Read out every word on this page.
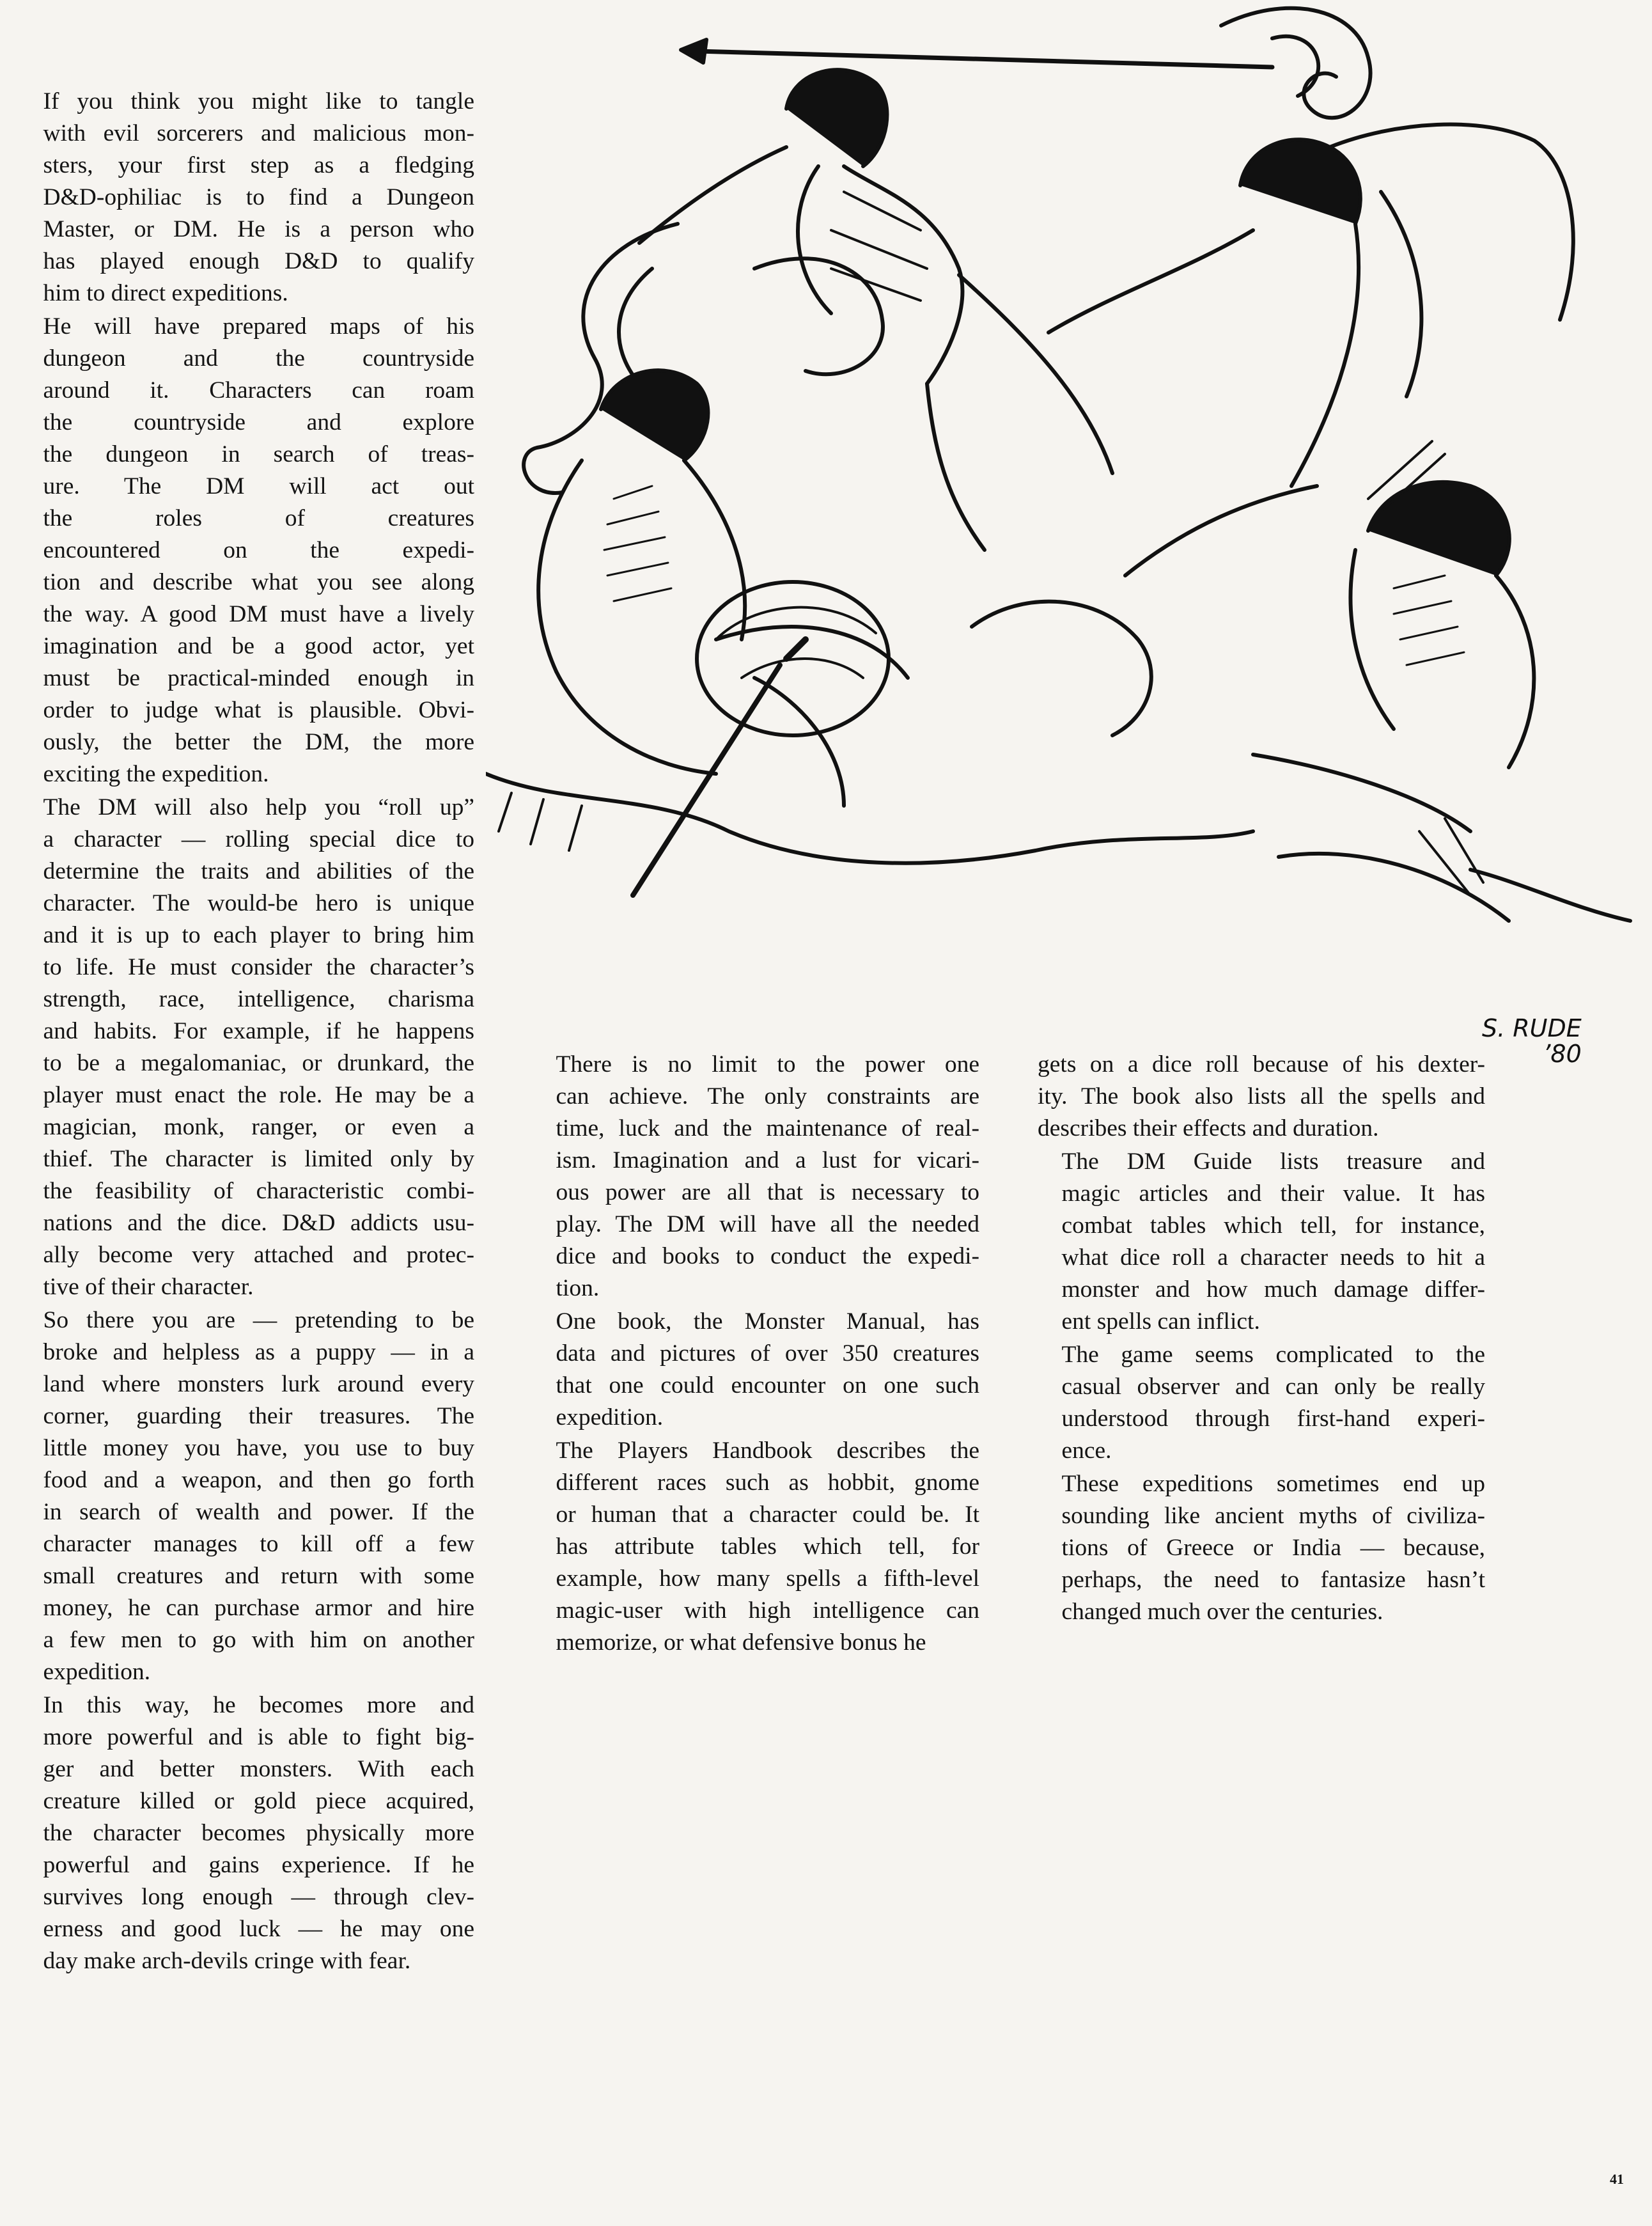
If you think you might like to tangle
with evil sorcerers and malicious mon-
sters, your first step as a fledging
D&D-ophiliac is to find a Dungeon
Master, or DM. He is a person who
has played enough D&D to qualify
him to direct expeditions.

He will have prepared maps of his
dungeon and the countryside
around it. Characters can roam
the countryside and explore
the dungeon in search of treas-
ure. The DM will act out
the roles of creatures
encountered on the expedi-
tion and describe what you see along
the way. A good DM must have a lively
imagination and be a good actor, yet
must be practical-minded enough in
order to judge what is plausible. Obvi-
ously, the better the DM, the more
exciting the expedition.

The DM will also help you “roll up”
a character — rolling special dice to
determine the traits and abilities of the
character. The would-be hero is unique
and it is up to each player to bring him
to life. He must consider the character’s
strength, race, intelligence, charisma
and habits. For example, if he happens
to be a megalomaniac, or drunkard, the
player must enact the role. He may be a
magician, monk, ranger, or even a
thief. The character is limited only by
the feasibility of characteristic combi-
nations and the dice. D&D addicts usu-
ally become very attached and protec-
tive of their character.

So there you are — pretending to be
broke and helpless as a puppy — in a
land where monsters lurk around every
corner, guarding their treasures. The
little money you have, you use to buy
food and a weapon, and then go forth
in search of wealth and power. If the
character manages to kill off a few
small creatures and return with some
money, he can purchase armor and hire
a few men to go with him on another
expedition.

In this way, he becomes more and
more powerful and is able to fight big-
ger and better monsters. With each
creature killed or gold piece acquired,
the character becomes physically more
powerful and gains experience. If he
survives long enough — through clev-
erness and good luck — he may one
day make arch-devils cringe with fear.

There is no limit to the power one
can achieve. The only constraints are
time, luck and the maintenance of real-
ism. Imagination and a lust for vicari-
ous power are all that is necessary to
play. The DM will have all the needed
dice and books to conduct the expedi-
tion.

One book, the Monster Manual, has
data and pictures of over 350 creatures
that one could encounter on one such
expedition.

The Players Handbook describes the
different races such as hobbit, gnome
or human that a character could be. It
has attribute tables which tell, for
example, how many spells a fifth-level
magic-user with high intelligence can
memorize, or what defensive bonus he

gets on a dice roll because of his dexter-
ity. The book also lists all the spells and
describes their effects and duration.

The DM Guide lists treasure and
magic articles and their value. It has
combat tables which tell, for instance,
what dice roll a character needs to hit a
monster and how much damage differ-
ent spells can inflict.

The game seems complicated to the
casual observer and can only be really
understood through first-hand experi-
ence.

These expeditions sometimes end up
sounding like ancient myths of civiliza-
tions of Greece or India — because,
perhaps, the need to fantasize hasn’t
changed much over the centuries.

S. RUDE
’80
41
